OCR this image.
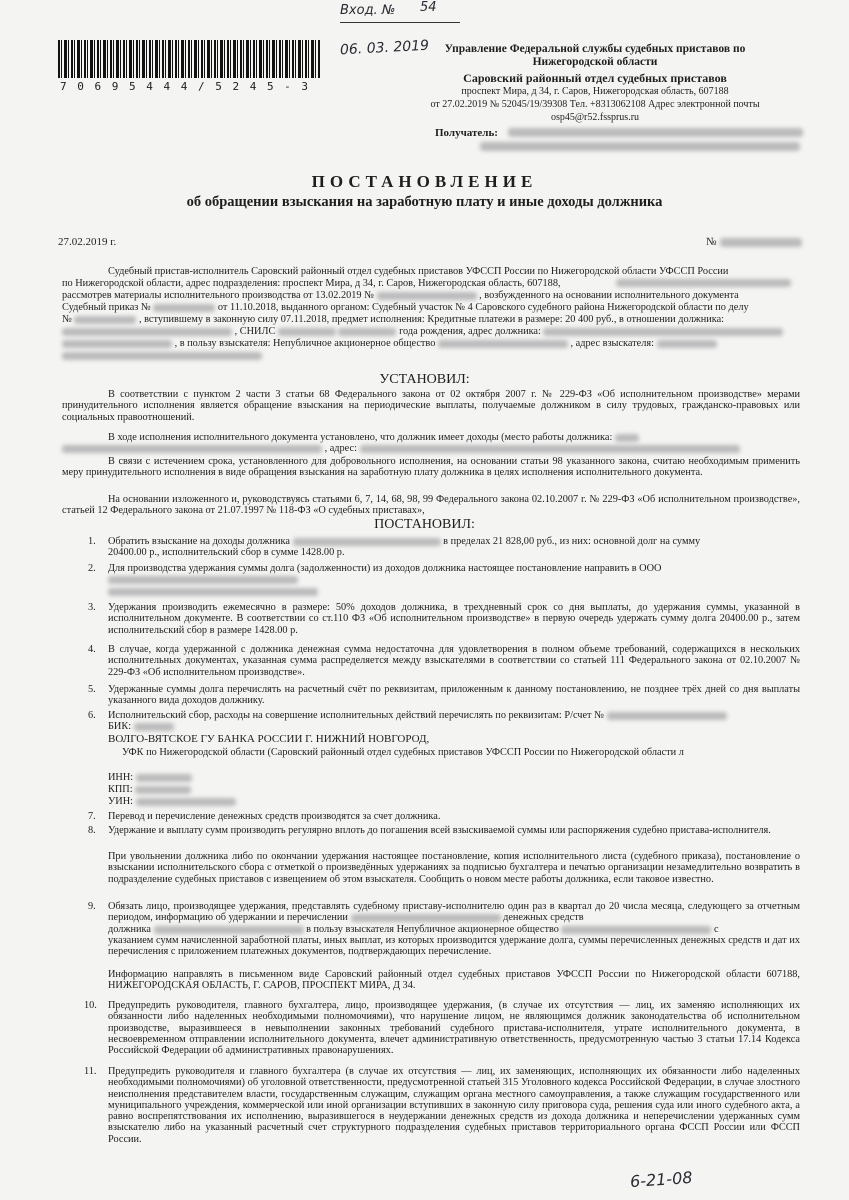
7 0 6 9 5 4 4 4 / 5 2 4 5 - 3
Вход. № 54
06. 03. 2019	Управление Федеральной службы судебных приставов по
Нижегородской области
Саровский районный отдел судебных приставов
проспект Мира, д 34, г. Саров, Нижегородская область, 607188
от 27.02.2019 № 52045/19/39308 Тел. +8313062108 Адрес электронной почты
osp45@r52.fssprus.ru
Получатель:
ПОСТАНОВЛЕНИЕ
об обращении взыскания на заработную плату и иные доходы должника
27.02.2019 г.	№
Судебный пристав-исполнитель Саровский районный отдел судебных приставов УФССП России по Нижегородской области УФССП России
по Нижегородской области, адрес подразделения: проспект Мира, д 34, г. Саров, Нижегородская область, 607188,
рассмотрев материалы исполнительного производства от 13.02.2019 №	, возбужденного на основании исполнительного документа
Судебный приказ №	от 11.10.2018, выданного органом: Судебный участок № 4 Саровского судебного района Нижегородской области по делу
№	, вступившему в законную силу 07.11.2018, предмет исполнения: Кредитные платежи в размере: 20 400 руб., в отношении должника:
, СНИЛС	года рождения, адрес должника:
, в пользу взыскателя: Непубличное акционерное общество	, адрес взыскателя:
УСТАНОВИЛ:
В соответствии с пунктом 2 части 3 статьи 68 Федерального закона от 02 октября 2007 г. № 229-ФЗ «Об исполнительном производстве» мерами принудительного исполнения является обращение взыскания на периодические выплаты, получаемые должником в силу трудовых, гражданско-правовых или социальных правоотношений.
В ходе исполнения исполнительного документа установлено, что должник имеет доходы (место работы должника:
, адрес:
В связи с истечением срока, установленного для добровольного исполнения, на основании статьи 98 указанного закона, считаю необходимым применить меру принудительного исполнения в виде обращения взыскания на заработную плату должника в целях исполнения исполнительного документа.
На основании изложенного и, руководствуясь статьями 6, 7, 14, 68, 98, 99 Федерального закона 02.10.2007 г. № 229-ФЗ «Об исполнительном производстве», статьей 12 Федерального закона от 21.07.1997 № 118-ФЗ «О судебных приставах»,
ПОСТАНОВИЛ:
1. Обратить взыскание на доходы должника	в пределах 21 828,00 руб., из них: основной долг на сумму
20400.00 р., исполнительский сбор в сумме 1428.00 р.
2. Для производства удержания суммы долга (задолженности) из доходов должника настоящее постановление направить в ООО
3. Удержания производить ежемесячно в размере: 50% доходов должника, в трехдневный срок со дня выплаты, до удержания суммы, указанной в исполнительном документе. В соответствии со ст.110 ФЗ «Об исполнительном производстве» в первую очередь удержать сумму долга 20400.00 р., затем исполнительский сбор в размере 1428.00 р.
4. В случае, когда удержанной с должника денежная сумма недостаточна для удовлетворения в полном объеме требований, содержащихся в нескольких исполнительных документах, указанная сумма распределяется между взыскателями в соответствии со статьей 111 Федерального закона от 02.10.2007 № 229-ФЗ «Об исполнительном производстве».
5. Удержанные суммы долга перечислять на расчетный счёт по реквизитам, приложенным к данному постановлению, не позднее трёх дней со дня выплаты указанного вида доходов должнику.
6. Исполнительский сбор, расходы на совершение исполнительных действий перечислять по реквизитам: Р/счет №
БИК:
ВОЛГО-ВЯТСКОЕ ГУ БАНКА РОССИИ Г. НИЖНИЙ НОВГОРОД,
УФК по Нижегородской области (Саровский районный отдел судебных приставов УФССП России по Нижегородской области л
ИНН:
КПП:
УИН:
7. Перевод и перечисление денежных средств производятся за счет должника.
8. Удержание и выплату сумм производить регулярно вплоть до погашения всей взыскиваемой суммы или распоряжения судебно пристава-исполнителя.
При увольнении должника либо по окончании удержания настоящее постановление, копия исполнительного листа (судебного приказа), постановление о взыскании исполнительского сбора с отметкой о произведённых удержаниях за подписью бухгалтера и печатью организации незамедлительно возвратить в подразделение судебных приставов с извещением об этом взыскателя. Сообщить о новом месте работы должника, если таковое известно.
9. Обязать лицо, производящее удержания, представлять судебному приставу-исполнителю один раз в квартал до 20 числа месяца, следующего за отчетным периодом, информацию об удержании и перечислении	денежных средств
должника	в пользу взыскателя Непубличное акционерное общество	с
указанием сумм начисленной заработной платы, иных выплат, из которых производится удержание долга, суммы перечисленных денежных средств и дат их перечисления с приложением платежных документов, подтверждающих перечисление.
Информацию направлять в письменном виде Саровский районный отдел судебных приставов УФССП России по Нижегородской области 607188, НИЖЕГОРОДСКАЯ ОБЛАСТЬ, Г. САРОВ, ПРОСПЕКТ МИРА, Д 34.
10. Предупредить руководителя, главного бухгалтера, лицо, производящее удержания, (в случае их отсутствия — лиц, их заменяю исполняющих их обязанности либо наделенных необходимыми полномочиями), что нарушение лицом, не являющимся должник законодательства об исполнительном производстве, выразившееся в невыполнении законных требований судебного пристава-исполнителя, утрате исполнительного документа, в несвоевременном отправлении исполнительного документа, влечет административную ответственность, предусмотренную частью 3 статьи 17.14 Кодекса Российской Федерации об административных правонарушениях.
11. Предупредить руководителя и главного бухгалтера (в случае их отсутствия — лиц, их заменяющих, исполняющих их обязанности либо наделенных необходимыми полномочиями) об уголовной ответственности, предусмотренной статьей 315 Уголовного кодекса Российской Федерации, в случае злостного неисполнения представителем власти, государственным служащим, служащим органа местного самоуправления, а также служащим государственного или муниципального учреждения, коммерческой или иной организации вступивших в законную силу приговора суда, решения суда или иного судебного акта, а равно воспрепятствования их исполнению, выразившегося в неудержании денежных средств из дохода должника и неперечислении удержанных сумм взыскателю либо на указанный расчетный счет структурного подразделения судебных приставов территориального органа ФССП России или ФССП России.
6-21-08
